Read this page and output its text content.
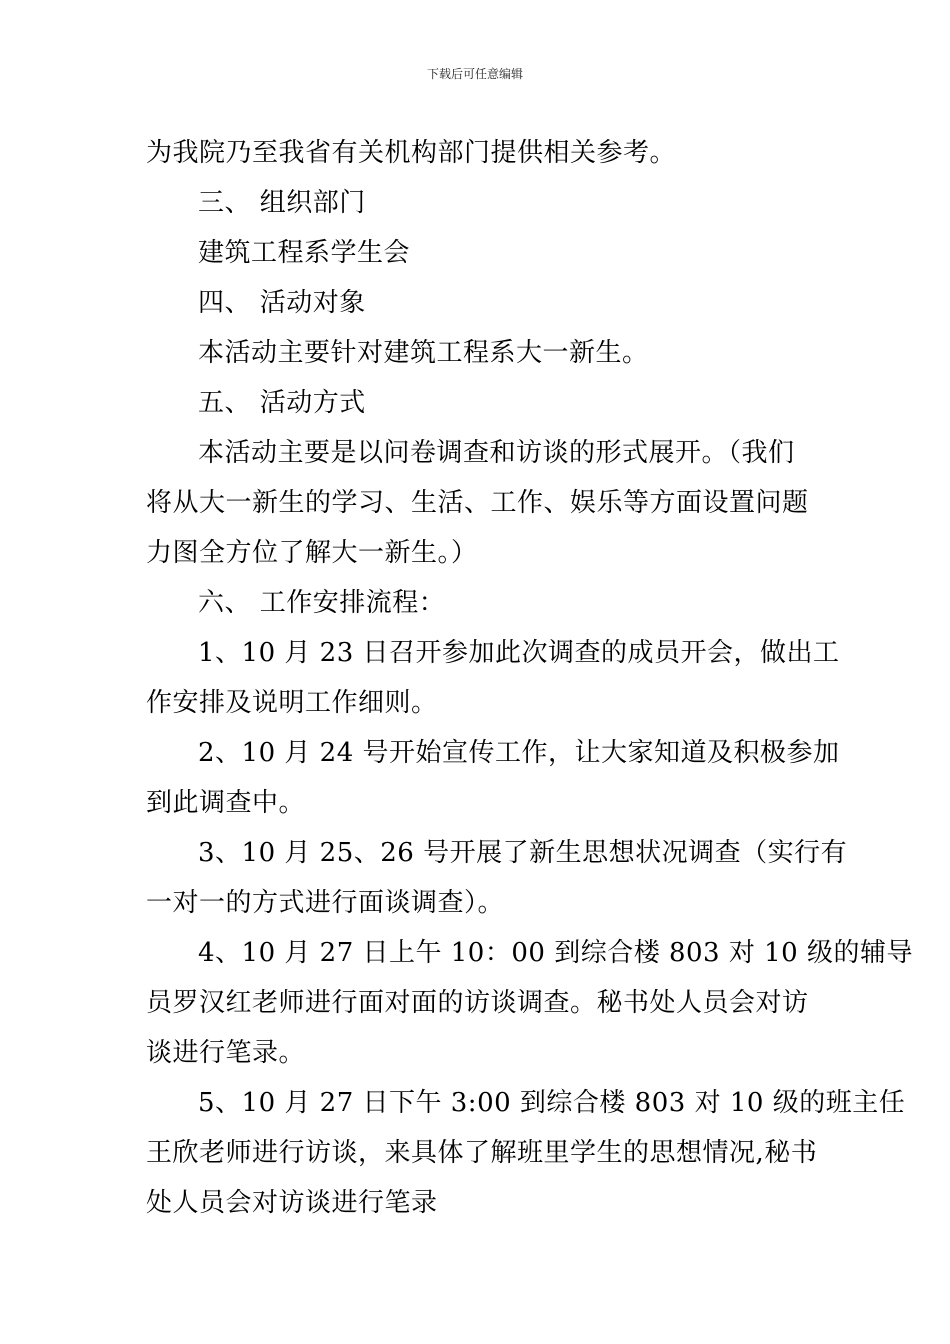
下载后可任意编辑

为我院乃至我省有关机构部门提供相关参考。

三、 组织部门

建筑工程系学生会

四、 活动对象

本活动主要针对建筑工程系大一新生。

五、 活动方式

本活动主要是以问卷调查和访谈的形式展开。（我们

将从大一新生的学习、生活、工作、娱乐等方面设置问题

力图全方位了解大一新生。）

六、 工作安排流程：

1、10 月 23 日召开参加此次调查的成员开会，做出工

作安排及说明工作细则。

2、10 月 24 号开始宣传工作，让大家知道及积极参加

到此调查中。

3、10 月 25、26 号开展了新生思想状况调查（实行有

一对一的方式进行面谈调查）。

4、10 月 27 日上午 10：00 到综合楼 803 对 10 级的辅导

员罗汉红老师进行面对面的访谈调查。秘书处人员会对访

谈进行笔录。

5、10 月 27 日下午 3:00 到综合楼 803 对 10 级的班主任

王欣老师进行访谈，来具体了解班里学生的思想情况,秘书

处人员会对访谈进行笔录
